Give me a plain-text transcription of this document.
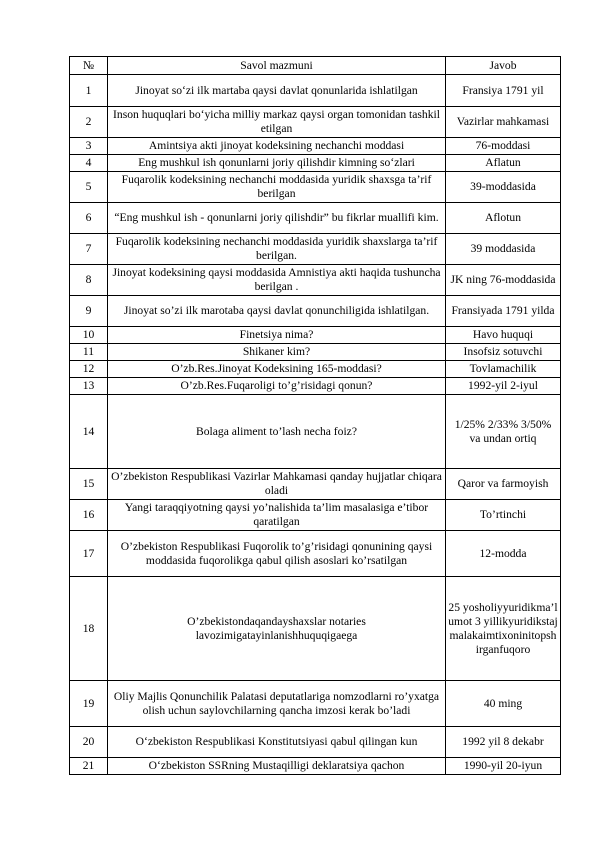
№	Savol mazmuni	Javob
1	Jinoyat so‘zi ilk martaba qaysi davlat qonunlarida ishlatilgan	Fransiya 1791 yil
2	Inson huquqlari bo‘yicha milliy markaz qaysi organ tomonidan tashkil etilgan	Vazirlar mahkamasi
3	Amintsiya akti jinoyat kodeksining nechanchi moddasi	76-moddasi
4	Eng mushkul ish qonunlarni joriy qilishdir kimning so‘zlari	Aflatun
5	Fuqarolik kodeksining nechanchi moddasida yuridik shaxsga ta’rif berilgan	39-moddasida
6	“Eng mushkul ish - qonunlarni joriy qilishdir” bu fikrlar muallifi kim.	Aflotun
7	Fuqarolik kodeksining nechanchi moddasida yuridik shaxslarga ta’rif berilgan.	39 moddasida
8	Jinoyat kodeksining qaysi moddasida Amnistiya akti haqida tushuncha berilgan .	JK ning 76-moddasida
9	Jinoyat so’zi ilk marotaba qaysi davlat qonunchiligida ishlatilgan.	Fransiyada 1791 yilda
10	Finetsiya nima?	Havo huquqi
11	Shikaner kim?	Insofsiz sotuvchi
12	O’zb.Res.Jinoyat Kodeksining 165-moddasi?	Tovlamachilik
13	O’zb.Res.Fuqaroligi to’g’risidagi qonun?	1992-yil 2-iyul
14	Bolaga aliment to’lash necha foiz?	1/25% 2/33% 3/50% va undan ortiq
15	O’zbekiston Respublikasi Vazirlar Mahkamasi qanday hujjatlar chiqara oladi	Qaror va farmoyish
16	Yangi taraqqiyotning qaysi yo’nalishida ta’lim masalasiga e’tibor qaratilgan	To’rtinchi
17	O’zbekiston Respublikasi Fuqorolik to’g’risidagi qonunining qaysi moddasida fuqorolikga qabul qilish asoslari ko’rsatilgan	12-modda
18	O’zbekistondaqandayshaxslar notaries lavozimigatayinlanishhuquqigaega	25 yosholiyyuridikma’lumot 3 yillikyuridikstajmalakaimtixoninitopshirganfuqoro
19	Oliy Majlis Qonunchilik Palatasi deputatlariga nomzodlarni ro’yxatga olish uchun saylovchilarning qancha imzosi kerak bo’ladi	40 ming
20	O‘zbekiston Respublikasi Konstitutsiyasi qabul qilingan kun	1992 yil 8 dekabr
21	O‘zbekiston SSRning Mustaqilligi deklaratsiya qachon	1990-yil 20-iyun
